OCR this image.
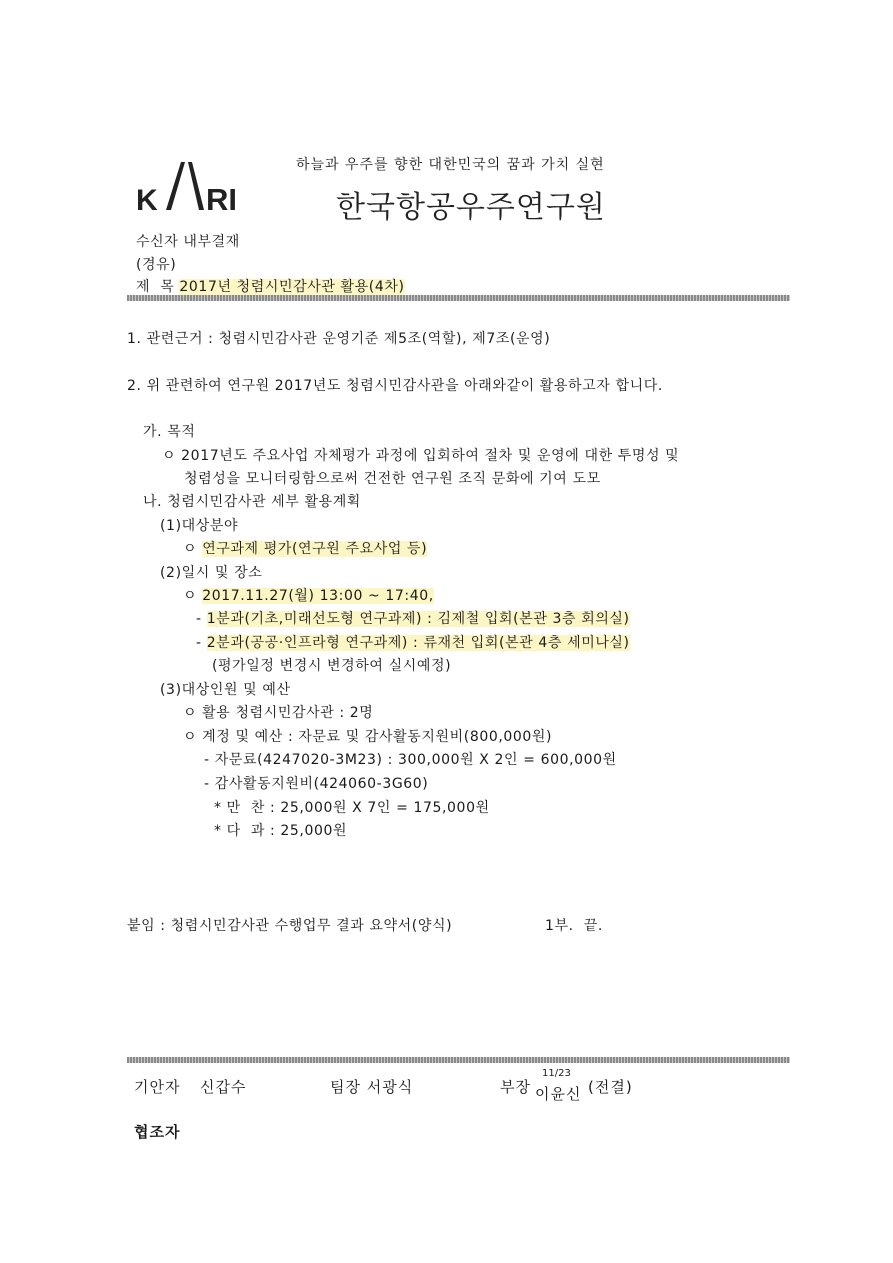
K RI
하늘과 우주를 향한 대한민국의 꿈과 가치 실현
한국항공우주연구원
수신자 내부결재
(경유)
제  목 2017년 청렴시민감사관 활용(4차)
1. 관련근거 : 청렴시민감사관 운영기준 제5조(역할), 제7조(운영)
2. 위 관련하여 연구원 2017년도 청렴시민감사관을 아래와같이 활용하고자 합니다.
가. 목적
ㅇ 2017년도 주요사업 자체평가 과정에 입회하여 절차 및 운영에 대한 투명성 및
청렴성을 모니터링함으로써 건전한 연구원 조직 문화에 기여 도모
나. 청렴시민감사관 세부 활용계획
(1)대상분야
ㅇ 연구과제 평가(연구원 주요사업 등)
(2)일시 및 장소
ㅇ 2017.11.27(월) 13:00 ~ 17:40,
- 1분과(기초,미래선도형 연구과제) : 김제철 입회(본관 3층 회의실)
- 2분과(공공·인프라형 연구과제) : 류재천 입회(본관 4층 세미나실)
(평가일정 변경시 변경하여 실시예정)
(3)대상인원 및 예산
ㅇ 활용 청렴시민감사관 : 2명
ㅇ 계정 및 예산 : 자문료 및 감사활동지원비(800,000원)
- 자문료(4247020-3M23) : 300,000원 X 2인 = 600,000원
- 감사활동지원비(424060-3G60)
* 만  찬 : 25,000원 X 7인 = 175,000원
* 다  과 : 25,000원
붙임 : 청렴시민감사관 수행업무 결과 요약서(양식)	1부.  끝.
기안자 신갑수	팀장 서광식	부장
11/23
이윤신 (전결)
협조자
